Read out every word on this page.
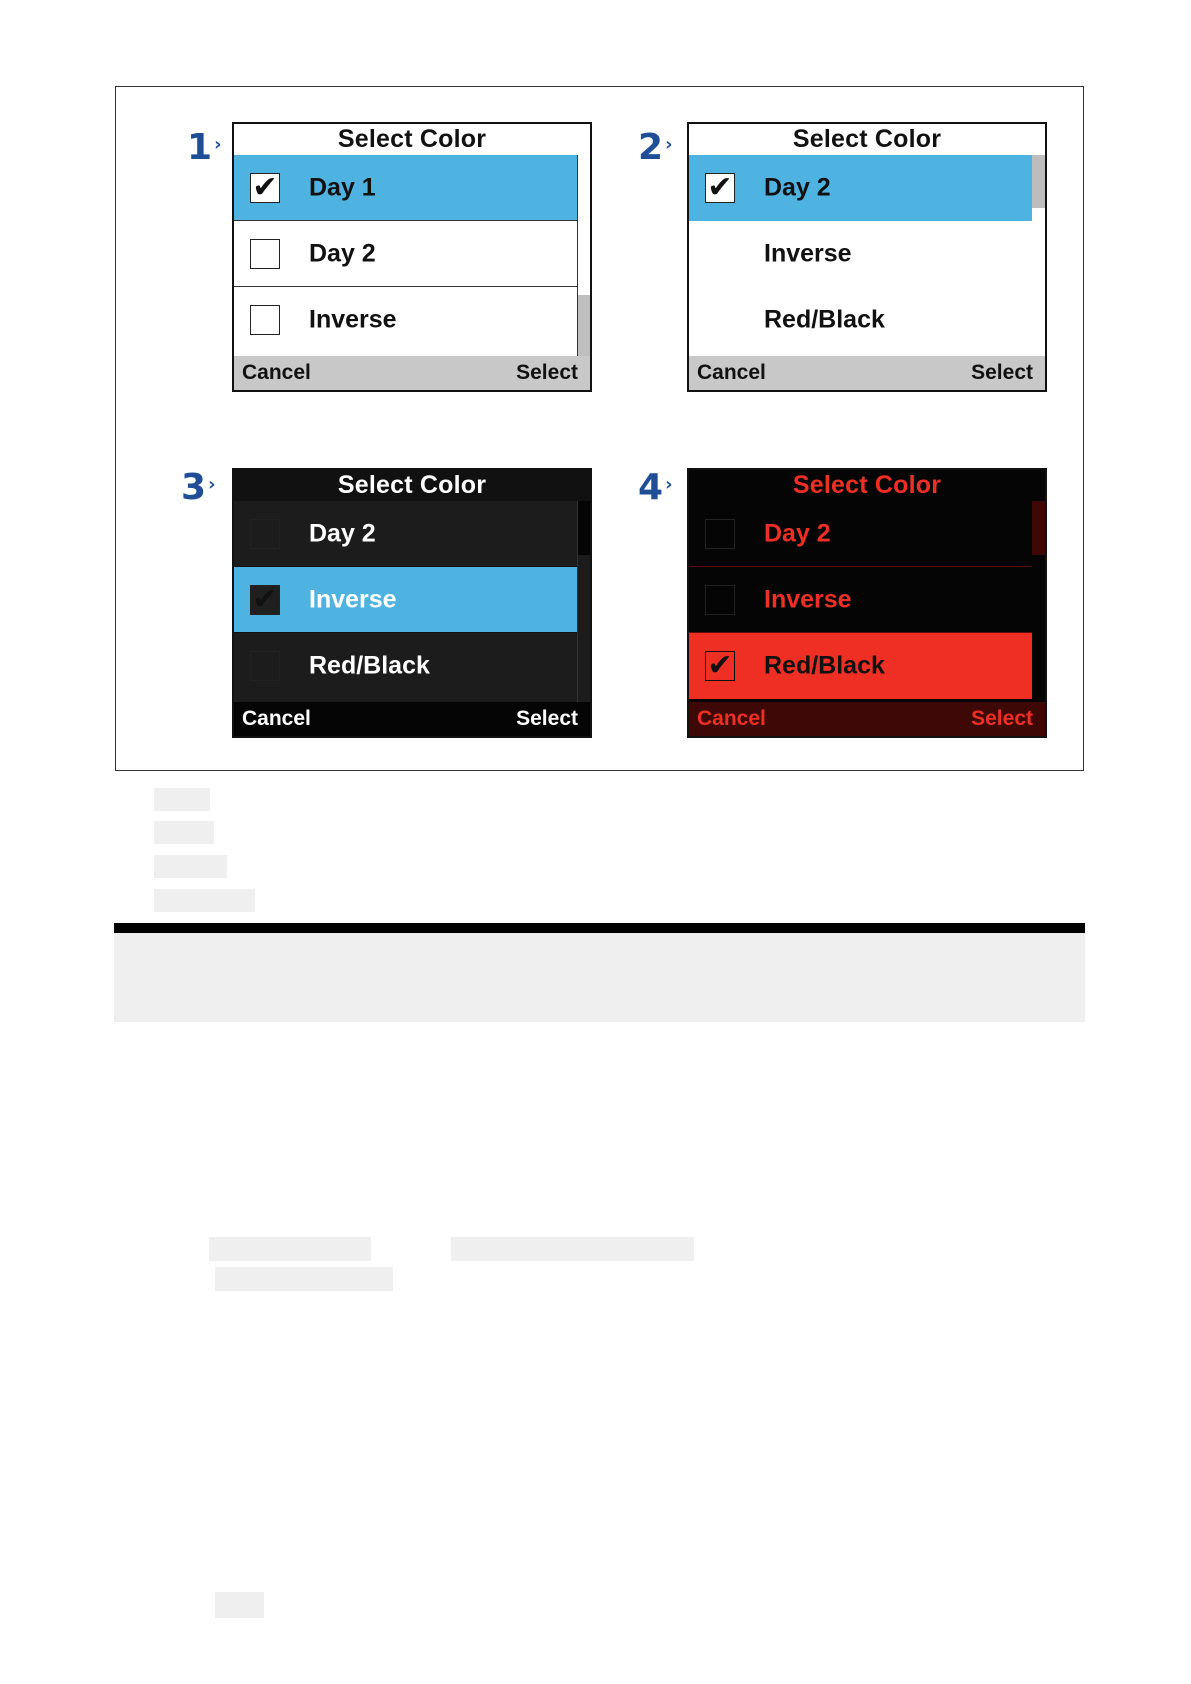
1 ›	Select Color
✔ Day 1
Day 2
Inverse
Cancel	Select
2 ›	Select Color
✔ Day 2
Inverse
Red/Black
Cancel	Select
3 ›	Select Color
Day 2
✔ Inverse
Red/Black
Cancel	Select
4 ›	Select Color
Day 2
Inverse
✔ Red/Black
Cancel	Select
